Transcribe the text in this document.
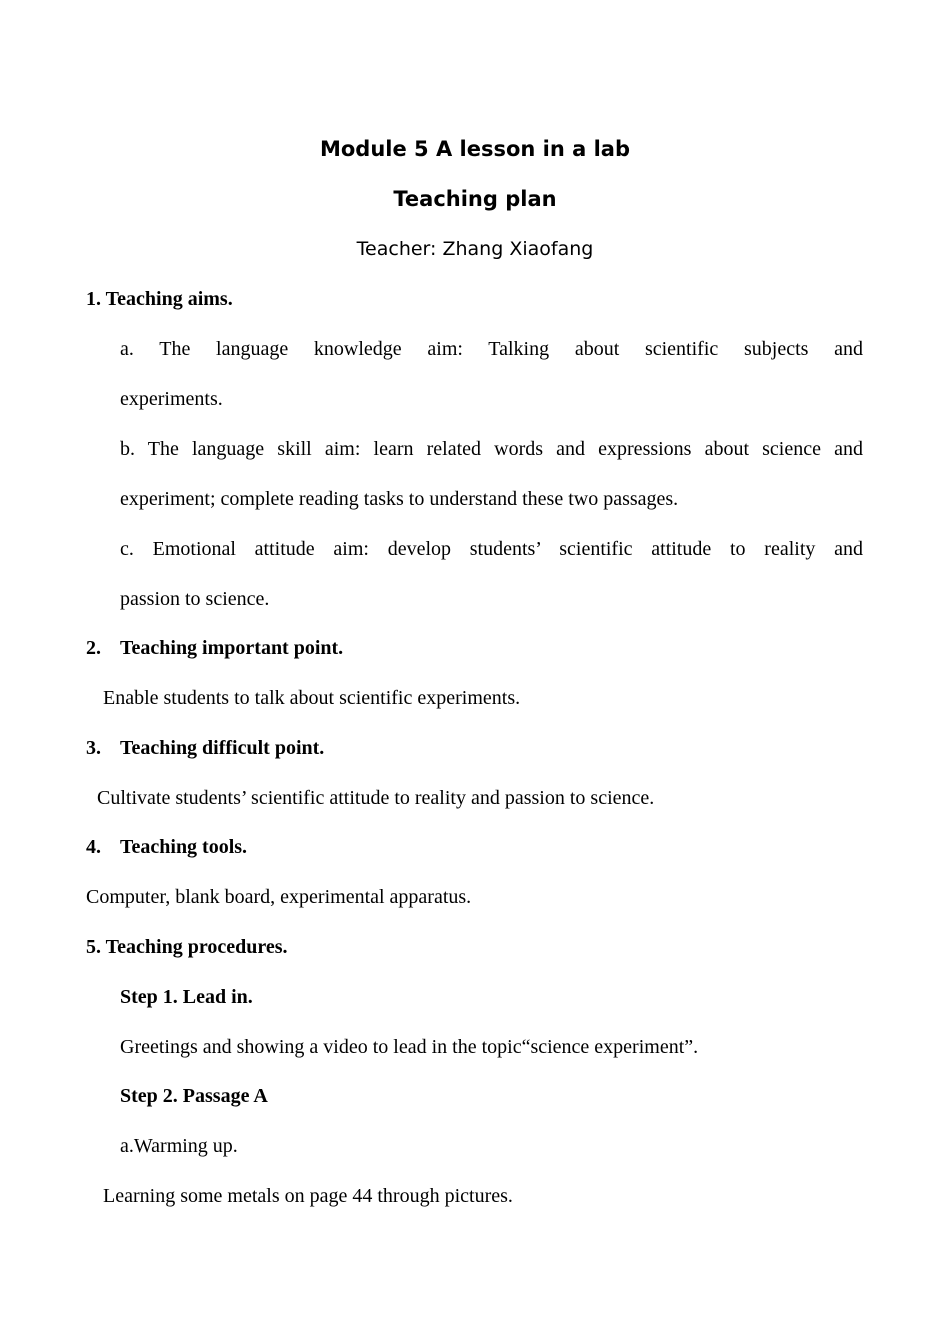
Module 5 A lesson in a lab
Teaching plan
Teacher: Zhang Xiaofang
1. Teaching aims.
a. The language knowledge aim: Talking about scientific subjects and
experiments.
b. The language skill aim: learn related words and expressions about science and
experiment; complete reading tasks to understand these two passages.
c. Emotional attitude aim: develop students’ scientific attitude to reality and
passion to science.
2. Teaching important point.
Enable students to talk about scientific experiments.
3. Teaching difficult point.
Cultivate students’ scientific attitude to reality and passion to science.
4. Teaching tools.
Computer, blank board, experimental apparatus.
5. Teaching procedures.
Step 1. Lead in.
Greetings and showing a video to lead in the topic“science experiment”.
Step 2. Passage A
a.Warming up.
Learning some metals on page 44 through pictures.
